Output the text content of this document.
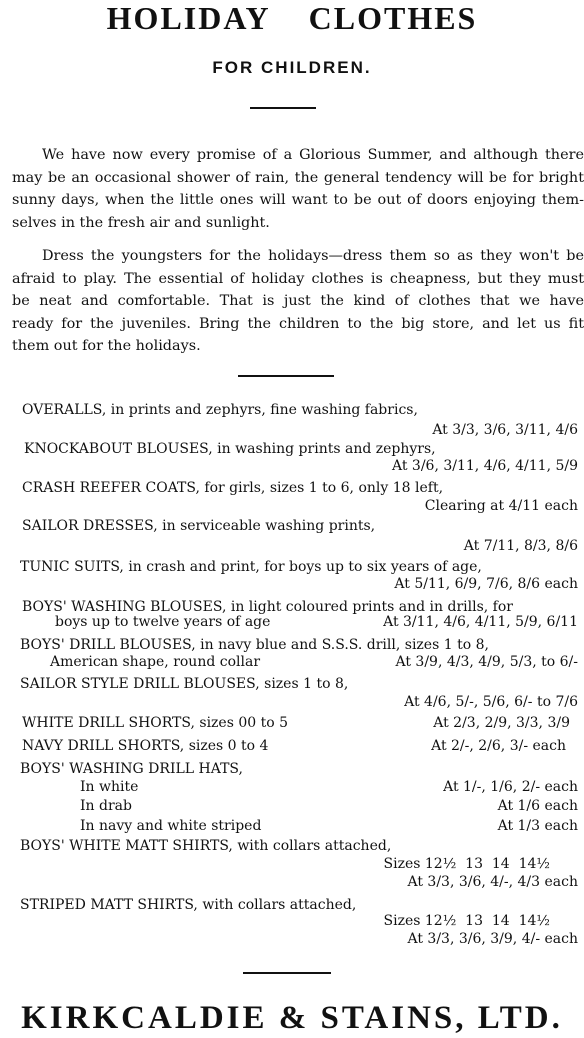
HOLIDAY CLOTHES
FOR CHILDREN.
We have now every promise of a Glorious Summer, and although there
may be an occasional shower of rain, the general tendency will be for bright
sunny days, when the little ones will want to be out of doors enjoying them-
selves in the fresh air and sunlight.
Dress the youngsters for the holidays—dress them so as they won't be
afraid to play. The essential of holiday clothes is cheapness, but they must
be neat and comfortable. That is just the kind of clothes that we have
ready for the juveniles. Bring the children to the big store, and let us fit
them out for the holidays.
OVERALLS, in prints and zephyrs, fine washing fabrics,
At 3/3, 3/6, 3/11, 4/6
KNOCKABOUT BLOUSES, in washing prints and zephyrs,
At 3/6, 3/11, 4/6, 4/11, 5/9
CRASH REEFER COATS, for girls, sizes 1 to 6, only 18 left,
Clearing at 4/11 each
SAILOR DRESSES, in serviceable washing prints,
At 7/11, 8/3, 8/6
TUNIC SUITS, in crash and print, for boys up to six years of age,
At 5/11, 6/9, 7/6, 8/6 each
BOYS' WASHING BLOUSES, in light coloured prints and in drills, for
boys up to twelve years of age	At 3/11, 4/6, 4/11, 5/9, 6/11
BOYS' DRILL BLOUSES, in navy blue and S.S.S. drill, sizes 1 to 8,
American shape, round collar	At 3/9, 4/3, 4/9, 5/3, to 6/-
SAILOR STYLE DRILL BLOUSES, sizes 1 to 8,
At 4/6, 5/-, 5/6, 6/- to 7/6
WHITE DRILL SHORTS, sizes 00 to 5	At 2/3, 2/9, 3/3, 3/9
NAVY DRILL SHORTS, sizes 0 to 4	At 2/-, 2/6, 3/- each
BOYS' WASHING DRILL HATS,
In white	At 1/-, 1/6, 2/- each
In drab	At 1/6 each
In navy and white striped	At 1/3 each
BOYS' WHITE MATT SHIRTS, with collars attached,
Sizes 12½  13  14  14½
At 3/3, 3/6, 4/-, 4/3 each
STRIPED MATT SHIRTS, with collars attached,
Sizes 12½  13  14  14½
At 3/3, 3/6, 3/9, 4/- each
KIRKCALDIE & STAINS, LTD.
